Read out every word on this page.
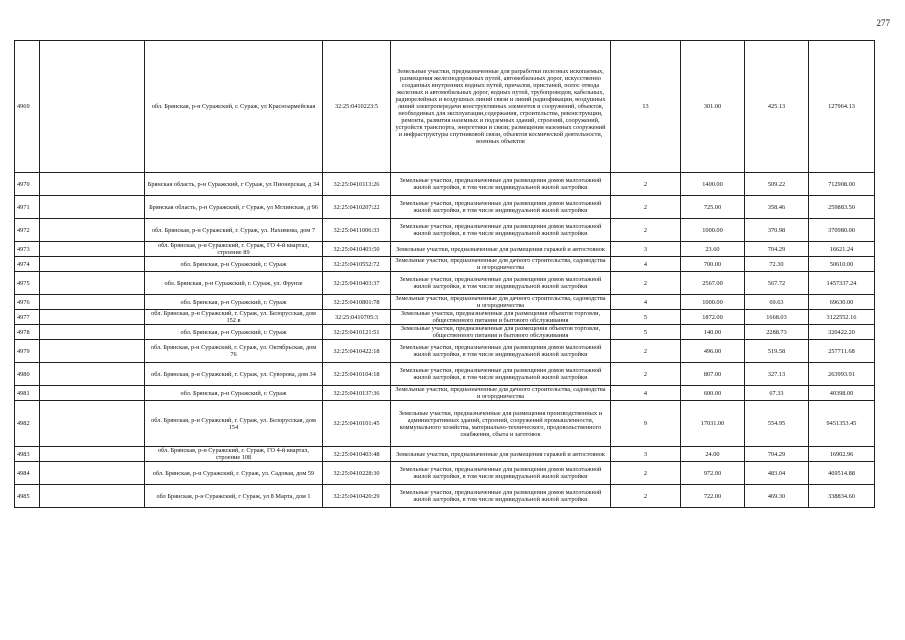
277
4969		обл. Брянская, р-н Суражский, г. Сураж, ул Красноармейская	32:25:0410223:5	Земельные участки, предназначенные для разработки полезных ископаемых, размещения железнодорожных путей, автомобильных дорог, искусственно созданных внутренних водных путей, причалов, пристаней, полос отвода железных и автомобильных дорог, водных путей, трубопроводов, кабельных, радиорелейных и воздушных линий связи и линий радиофикации, воздушных линий электропередачи конструктивных элементов и сооружений, объектов, необходимых для эксплуатации,содержания, строительства, реконструкции, ремонта, развития наземных и подземных зданий, строений, сооружений, устройств транспорта, энергетики и связи; размещения наземных сооружений и инфраструктуры спутниковой связи, объектов космической деятельности, военных объектов	13	301.00	425.13	127964.13
4970		Брянская область, р-н Суражский, г Сураж, ул Пионерская, д 34	32:25:0410113:26	Земельные участки, предназначенные для размещения домов малоэтажной жилой застройки, в том числе индивидуальной жилой застройки	2	1400.00	509.22	712908.00
4971		Брянская область, р-н Суражский, г Сураж, ул Мглинская, д 96	32:25:0410207:22	Земельные участки, предназначенные для размещения домов малоэтажной жилой застройки, в том числе индивидуальной жилой застройки	2	725.00	358.46	259883.50
4972		обл. Брянская, р-н Суражский, г. Сураж, ул. Нахимова, дом 7	32:25:0411006:33	Земельные участки, предназначенные для размещения домов малоэтажной жилой застройки, в том числе индивидуальной жилой застройки	2	1000.00	370.98	370980.00
4973		обл. Брянская, р-н Суражский, г. Сураж, ГО 4-й квартал, строение 89	32:25:0410403:50	Земельные участки, предназначенные для размещения гаражей и автостоянок	3	23.60	704.29	16621.24
4974		обл. Брянская, р-н Суражский, г. Сураж	32:25:0410552:72	Земельные участки, предназначенные для дачного строительства, садоводства и огородничества	4	700.00	72.30	50610.00
4975		обл. Брянская, р-н Суражский, г. Сураж, ул. Фрунзе	32:25:0410403:37	Земельные участки, предназначенные для размещения домов малоэтажной жилой застройки, в том числе индивидуальной жилой застройки	2	2567.00	567.72	1457337.24
4976		обл. Брянская, р-н Суражский, г. Сураж	32:25:0410801:78	Земельные участки, предназначенные для дачного строительства, садоводства и огородничества	4	1000.00	69.63	69630.00
4977		обл. Брянская, р-н Суражский, г. Сураж, ул. Белорусская, дом 152 в	32:25:0410705:3	Земельные участки, предназначенные для размещения объектов торговли, общественного питания и бытового обслуживания	5	1872.00	1668.03	3122552.16
4978		обл. Брянская, р-н Суражский, г. Сураж	32:25:0410121:51	Земельные участки, предназначенные для размещения объектов торговли, общественного питания и бытового обслуживания	5	140.00	2288.73	320422.20
4979		обл. Брянская, р-н Суражский, г. Сураж, ул. Октябрьская, дом 76	32:25:0410422:18	Земельные участки, предназначенные для размещения домов малоэтажной жилой застройки, в том числе индивидуальной жилой застройки	2	496.00	519.58	257711.68
4980		обл. Брянская, р-н Суражский, г. Сураж, ул. Суворова, дом 34	32:25:0410104:18	Земельные участки, предназначенные для размещения домов малоэтажной жилой застройки, в том числе индивидуальной жилой застройки	2	807.00	327.13	263993.91
4981		обл. Брянская, р-н Суражский, г. Сураж	32:25:0410137:36	Земельные участки, предназначенные для дачного строительства, садоводства и огородничества	4	600.00	67.33	40398.00
4982		обл. Брянская, р-н Суражский, г. Сураж, ул. Белорусская, дом 154	32:25:0410101:45	Земельные участки, предназначенные для размещения производственных и административных зданий, строений, сооружений промышленности, коммунального хозяйства, материально-технического, продовольственного снабжения, сбыта и заготовок	9	17031.00	554.95	9451353.45
4983		обл. Брянская, р-н Суражский, г. Сураж, ГО 4-й квартал, строение 108	32:25:0410403:48	Земельные участки, предназначенные для размещения гаражей и автостоянок	3	24.00	704.29	16902.96
4984		обл. Брянская, р-н Суражский, г. Сураж, ул. Садовая, дом 59	32:25:0410228:30	Земельные участки, предназначенные для размещения домов малоэтажной жилой застройки, в том числе индивидуальной жилой застройки	2	972.00	483.04	469514.88
4985		обл Брянская, р-н Суражский, г Сураж, ул 8 Марта, дом 1	32:25:0410420:29	Земельные участки, предназначенные для размещения домов малоэтажной жилой застройки, в том числе индивидуальной жилой застройки	2	722.00	469.30	338834.60
